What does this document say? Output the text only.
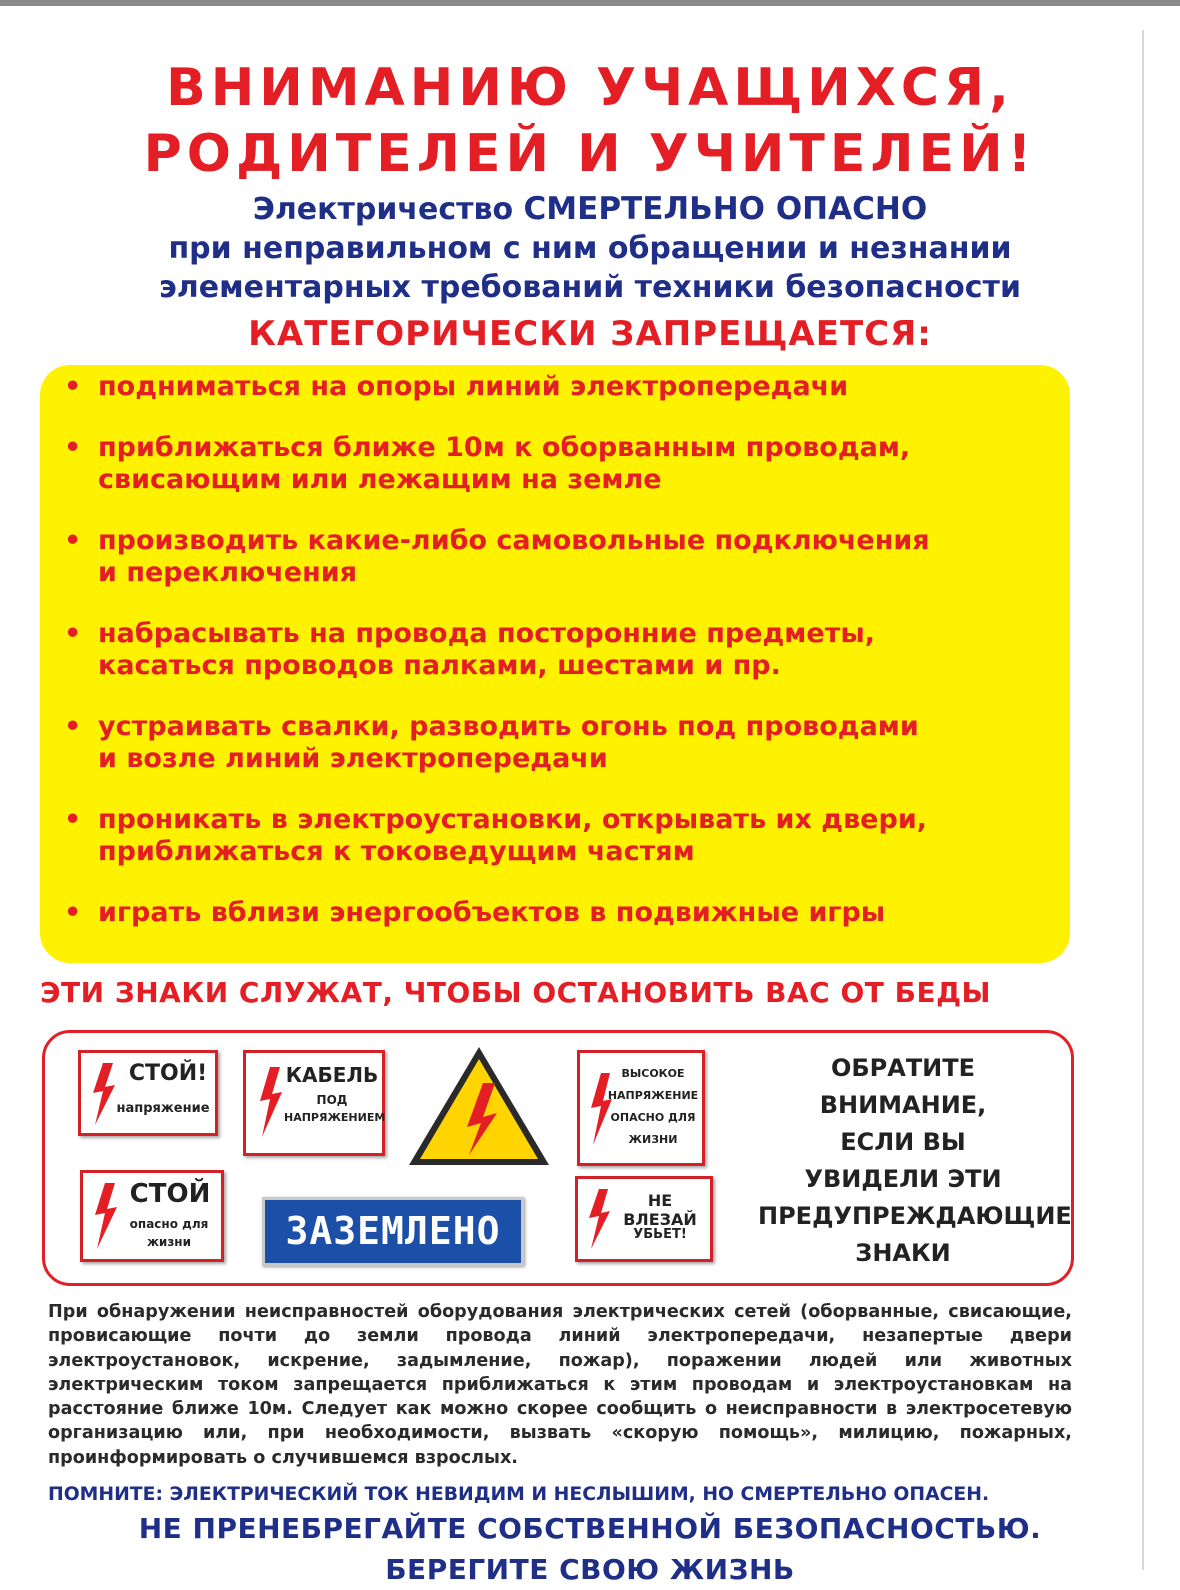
ВНИМАНИЮ УЧАЩИХСЯ,
РОДИТЕЛЕЙ И УЧИТЕЛЕЙ!
Электричество СМЕРТЕЛЬНО ОПАСНО
при неправильном с ним обращении и незнании
элементарных требований техники безопасности
КАТЕГОРИЧЕСКИ ЗАПРЕЩАЕТСЯ:
• подниматься на опоры линий электропередачи
• приближаться ближе 10м к оборванным проводам,
свисающим или лежащим на земле
• производить какие-либо самовольные подключения
и переключения
• набрасывать на провода посторонние предметы,
касаться проводов палками, шестами и пр.
• устраивать свалки, разводить огонь под проводами
и возле линий электропередачи
• проникать в электроустановки, открывать их двери,
приближаться к токоведущим частям
• играть вблизи энергообъектов в подвижные игры
ЭТИ ЗНАКИ СЛУЖАТ, ЧТОБЫ ОСТАНОВИТЬ ВАС ОТ БЕДЫ
СТОЙ!
напряжение
КАБЕЛЬ
ПОД
НАПРЯЖЕНИЕМ
ВЫСОКОЕ
НАПРЯЖЕНИЕ
ОПАСНО ДЛЯ
ЖИЗНИ
СТОЙ
опасно для
жизни	ЗАЗЕМЛЕНО
НЕ ВЛЕЗАЙ
УБЬЕТ!
ОБРАТИТЕ
ВНИМАНИЕ,
ЕСЛИ ВЫ
УВИДЕЛИ ЭТИ
ПРЕДУПРЕЖДАЮЩИЕ
ЗНАКИ
При обнаружении неисправностей оборудования электрических сетей (оборванные, свисающие, провисающие почти до земли провода линий электропередачи, незапертые двери электроустановок, искрение, задымление, пожар), поражении людей или животных электрическим током запрещается приближаться к этим проводам и электроустановкам на расстояние ближе 10м. Следует как можно скорее сообщить о неисправности в электросетевую организацию или, при необходимости, вызвать «скорую помощь», милицию, пожарных, проинформировать о случившемся взрослых.
ПОМНИТЕ: ЭЛЕКТРИЧЕСКИЙ ТОК НЕВИДИМ И НЕСЛЫШИМ, НО СМЕРТЕЛЬНО ОПАСЕН.
НЕ ПРЕНЕБРЕГАЙТЕ СОБСТВЕННОЙ БЕЗОПАСНОСТЬЮ.
БЕРЕГИТЕ СВОЮ ЖИЗНЬ
